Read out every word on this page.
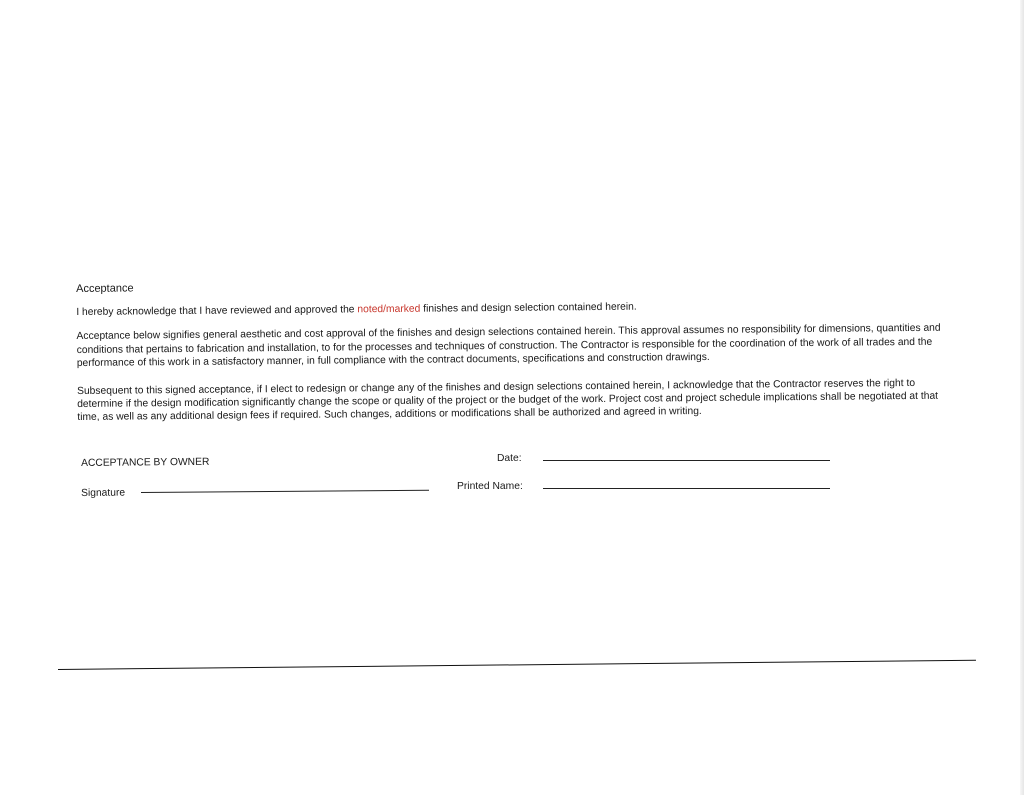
Acceptance

I hereby acknowledge that I have reviewed and approved the noted/marked finishes and design selection contained herein.

Acceptance below signifies general aesthetic and cost approval of the finishes and design selections contained herein. This approval assumes no responsibility for dimensions, quantities and conditions that pertains to fabrication and installation, to for the processes and techniques of construction. The Contractor is responsible for the coordination of the work of all trades and the performance of this work in a satisfactory manner, in full compliance with the contract documents, specifications and construction drawings.

Subsequent to this signed acceptance, if I elect to redesign or change any of the finishes and design selections contained herein, I acknowledge that the Contractor reserves the right to determine if the design modification significantly change the scope or quality of the project or the budget of the work. Project cost and project schedule implications shall be negotiated at that time, as well as any additional design fees if required. Such changes, additions or modifications shall be authorized and agreed in writing.

ACCEPTANCE BY OWNER
Signature
Date:
Printed Name:
